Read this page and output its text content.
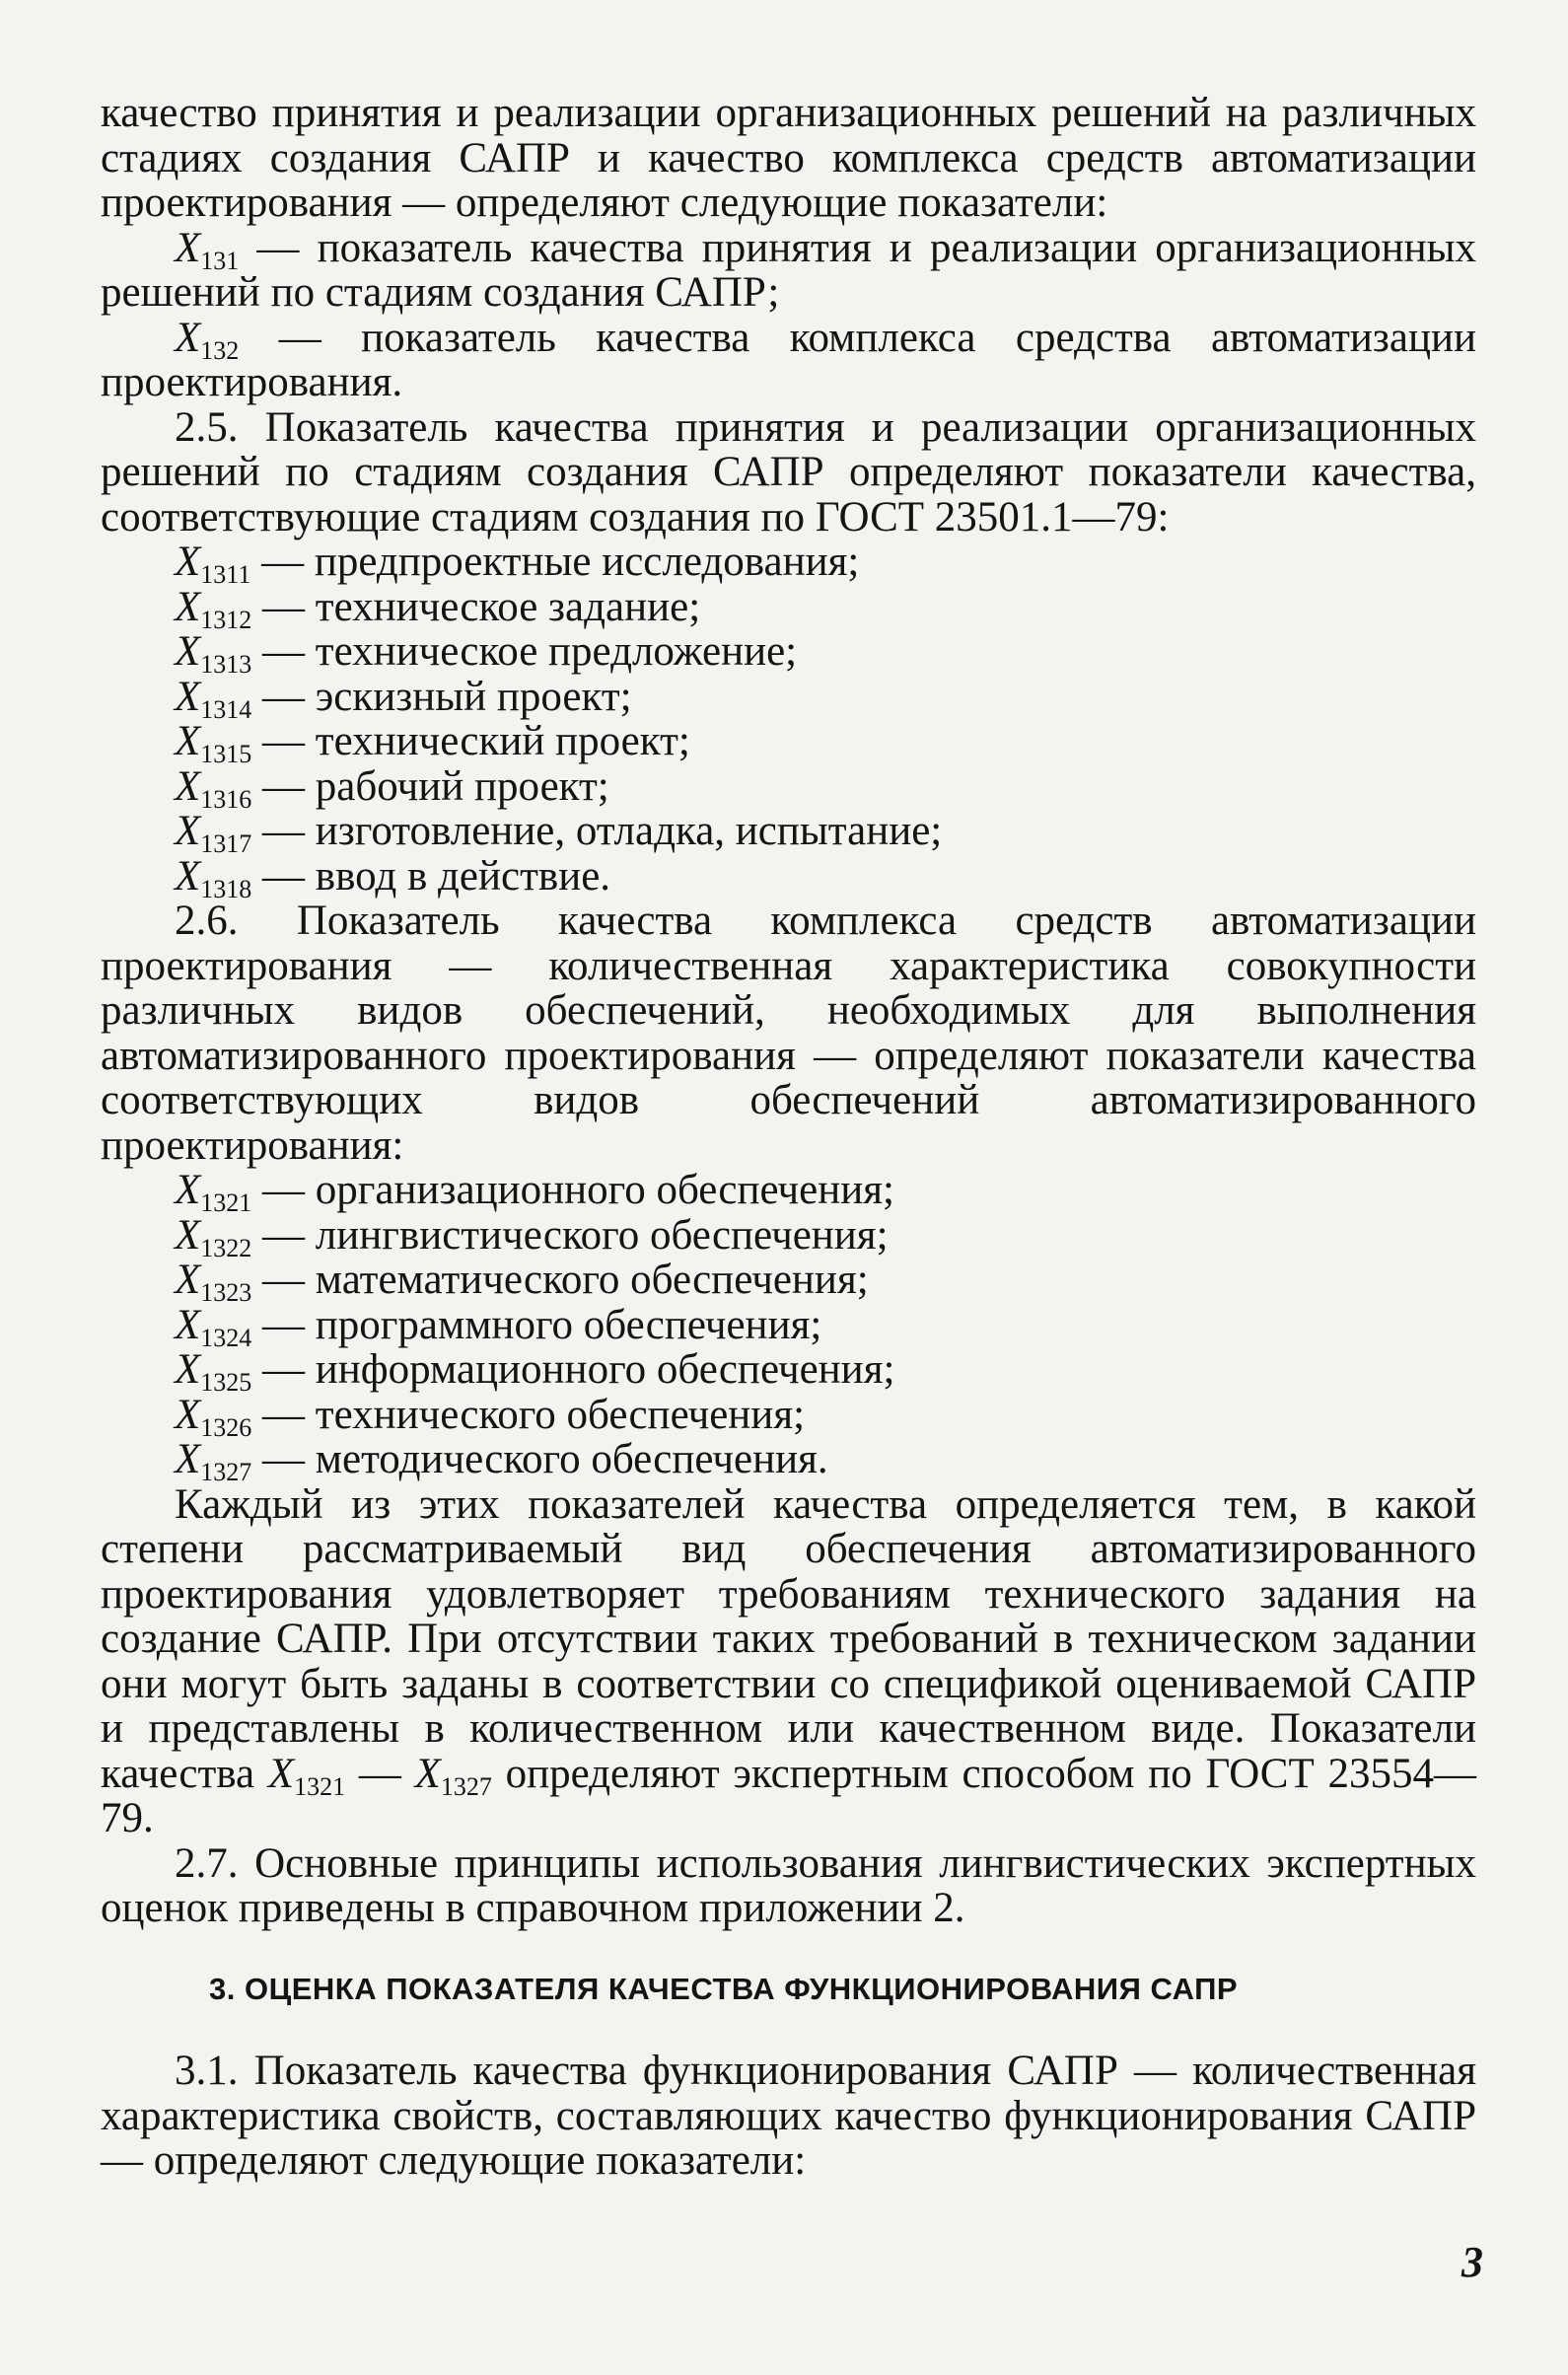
качество принятия и реализации организационных решений на различных стадиях создания САПР и качество комплекса средств автоматизации проектирования — определяют следующие показатели:

$X_{131}$ — показатель качества принятия и реализации организационных решений по стадиям создания САПР;

$X_{132}$ — показатель качества комплекса средства автоматизации проектирования.

2.5. Показатель качества принятия и реализации организационных решений по стадиям создания САПР определяют показатели качества, соответствующие стадиям создания по ГОСТ 23501.1—79:

$X_{1311}$ — предпроектные исследования;
$X_{1312}$ — техническое задание;
$X_{1313}$ — техническое предложение;
$X_{1314}$ — эскизный проект;
$X_{1315}$ — технический проект;
$X_{1316}$ — рабочий проект;
$X_{1317}$ — изготовление, отладка, испытание;
$X_{1318}$ — ввод в действие.

2.6. Показатель качества комплекса средств автоматизации проектирования — количественная характеристика совокупности различных видов обеспечений, необходимых для выполнения автоматизированного проектирования — определяют показатели качества соответствующих видов обеспечений автоматизированного проектирования:

$X_{1321}$ — организационного обеспечения;
$X_{1322}$ — лингвистического обеспечения;
$X_{1323}$ — математического обеспечения;
$X_{1324}$ — программного обеспечения;
$X_{1325}$ — информационного обеспечения;
$X_{1326}$ — технического обеспечения;
$X_{1327}$ — методического обеспечения.

Каждый из этих показателей качества определяется тем, в какой степени рассматриваемый вид обеспечения автоматизированного проектирования удовлетворяет требованиям технического задания на создание САПР. При отсутствии таких требований в техническом задании они могут быть заданы в соответствии со спецификой оцениваемой САПР и представлены в количественном или качественном виде. Показатели качества $X_{1321}$ — $X_{1327}$ определяют экспертным способом по ГОСТ 23554—79.

2.7. Основные принципы использования лингвистических экспертных оценок приведены в справочном приложении 2.

3. ОЦЕНКА ПОКАЗАТЕЛЯ КАЧЕСТВА ФУНКЦИОНИРОВАНИЯ САПР

3.1. Показатель качества функционирования САПР — количественная характеристика свойств, составляющих качество функционирования САПР — определяют следующие показатели:

3
